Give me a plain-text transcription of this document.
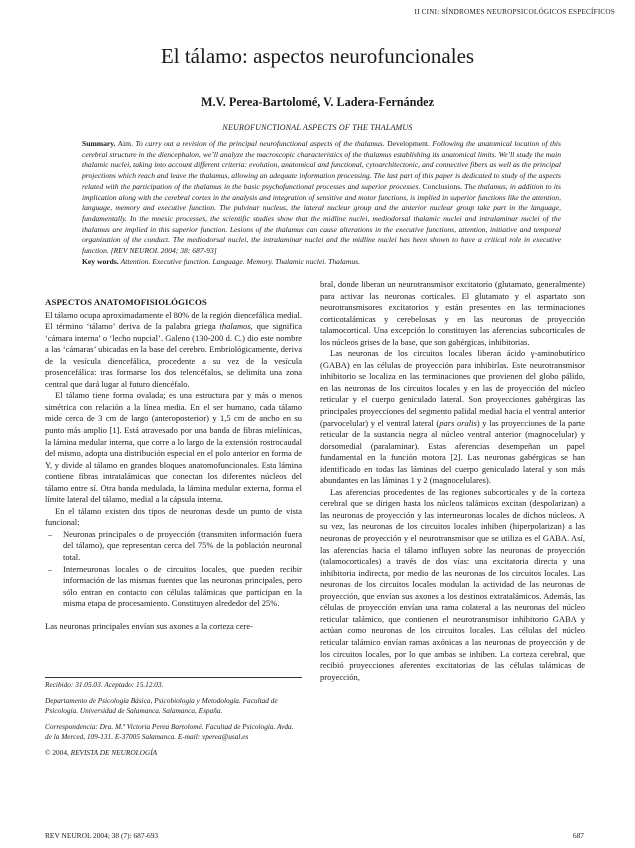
II CINI: SÍNDROMES NEUROPSICOLÓGICOS ESPECÍFICOS
El tálamo: aspectos neurofuncionales
M.V. Perea-Bartolomé, V. Ladera-Fernández
NEUROFUNCTIONAL ASPECTS OF THE THALAMUS
Summary. Aim. To carry out a revision of the principal neurofunctional aspects of the thalamus. Development. Following the anatomical location of this cerebral structure in the diencephalon, we’ll analyze the macroscopic characteristics of the thalamus establishing its anatomical limits. We’ll study the main thalamic nuclei, taking into account different criteria: evolution, anatomical and functional, cytoarchitectonic, and connective fibers as well as the principal projections which reach and leave the thalamus, allowing an adequate information processing. The last part of this paper is dedicated to study of the aspects related with the participation of the thalamus in the basic psychofunctional processes and superior processes. Conclusions. The thalamus, in addition to its implication along with the cerebral cortex in the analysis and integration of sensitive and motor functions, is implied in superior functions like the attention, language, memory and executive function. The pulvinar nucleus, the lateral nuclear group and the anterior nuclear group take part in the language, fundamentally. In the mnesic processes, the scientific studies show that the midline nuclei, mediodorsal thalamic nuclei and intralaminar nuclei of the thalamus are implied in this superior function. Lesions of the thalamus can cause alterations in the executive functions, attention, initiative and temporal organization of the conduct. The mediodorsal nuclei, the intralaminar nuclei and the midline nuclei has been shown to have a critical role in executive function. [REV NEUROL 2004; 38: 687-93]
Key words. Attention. Executive function. Language. Memory. Thalamic nuclei. Thalamus.
ASPECTOS ANATOMOFISIOLÓGICOS

El tálamo ocupa aproximadamente el 80% de la región diencefálica medial. El término ‘tálamo’ deriva de la palabra griega thalamos, que significa ‘cámara interna’ o ‘lecho nupcial’. Galeno (130-200 d. C.) dio este nombre a las ‘cámaras’ ubicadas en la base del cerebro. Embriológicamente, deriva de la vesícula diencefálica, procedente a su vez de la vesícula prosencefálica: tras formarse los dos telencéfalos, se delimita una zona central que dará lugar al futuro diencéfalo.

El tálamo tiene forma ovalada; es una estructura par y más o menos simétrica con relación a la línea media. En el ser humano, cada tálamo mide cerca de 3 cm de largo (anteroposterior) y 1,5 cm de ancho en su punto más amplio [1]. Está atravesado por una banda de fibras mielínicas, la lámina medular interna, que corre a lo largo de la extensión rostrocaudal del mismo, adopta una distribución especial en el polo anterior en forma de Y, y divide al tálamo en grandes bloques anatomofuncionales. Esta lámina contiene fibras intratalámicas que conectan los diferentes núcleos del tálamo entre sí. Otra banda medulada, la lámina medular externa, forma el límite lateral del tálamo, medial a la cápsula interna.

En el tálamo existen dos tipos de neuronas desde un punto de vista funcional:

– Neuronas principales o de proyección (transmiten información fuera del tálamo), que representan cerca del 75% de la población neuronal total.
– Interneuronas locales o de circuitos locales, que pueden recibir información de las mismas fuentes que las neuronas principales, pero sólo entran en contacto con células talámicas que participan en la misma etapa de procesamiento. Constituyen alrededor del 25%.

Las neuronas principales envían sus axones a la corteza cere-

Recibido: 31.05.03. Aceptado: 15.12.03.

Departamento de Psicología Básica, Psicobiología y Metodología. Facultad de Psicología. Universidad de Salamanca. Salamanca, España.

Correspondencia: Dra. M.ª Victoria Perea Bartolomé. Facultad de Psicología. Avda. de la Merced, 109-131. E-37005 Salamanca. E-mail: vperea@usal.es

© 2004, REVISTA DE NEUROLOGÍA

bral, donde liberan un neurotransmisor excitatorio (glutamato, generalmente) para activar las neuronas corticales. El glutamato y el aspartato son neurotransmisores excitatorios y están presentes en las terminaciones corticotalámicas y cerebelosas y en las neuronas de proyección talamocortical. Una excepción lo constituyen las aferencias subcorticales de los núcleos grises de la base, que son gabérgicas, inhibitorias.

Las neuronas de los circuitos locales liberan ácido γ-aminobutírico (GABA) en las células de proyección para inhibirlas. Este neurotransmisor inhibitorio se localiza en las terminaciones que provienen del globo pálido, en las neuronas de los circuitos locales y en las de proyección del núcleo reticular y el cuerpo geniculado lateral. Son proyecciones gabérgicas las principales proyecciones del segmento palidal medial hacia el ventral anterior (parvocelular) y el ventral lateral (pars oralis) y las proyecciones de la parte reticular de la sustancia negra al núcleo ventral anterior (magnocelular) y dorsomedial (paralaminar). Estas aferencias desempeñan un papel fundamental en la función motora [2]. Las neuronas gabérgicas se han identificado en todas las láminas del cuerpo geniculado lateral y son más abundantes en las láminas 1 y 2 (magnocelulares).

Las aferencias procedentes de las regiones subcorticales y de la corteza cerebral que se dirigen hasta los núcleos talámicos excitan (despolarizan) a las neuronas de proyección y las interneuronas locales de dichos núcleos. A su vez, las neuronas de los circuitos locales inhiben (hiperpolarizan) a las neuronas de proyección y el neurotransmisor que se utiliza es el GABA. Así, las aferencias hacia el tálamo influyen sobre las neuronas de proyección (talamocorticales) a través de dos vías: una excitatoria directa y una inhibitoria indirecta, por medio de las neuronas de los circuitos locales. Las neuronas de los circuitos locales modulan la actividad de las neuronas de proyección, que envían sus axones a los destinos extratalámicos. Además, las células de proyección envían una rama colateral a las neuronas del núcleo reticular talámico, que contienen el neurotransmisor inhibitorio GABA y actúan como neuronas de los circuitos locales. Las células del núcleo reticular talámico envían ramas axónicas a las neuronas de proyección y de los circuitos locales, por lo que ambas se inhiben. La corteza cerebral, que recibió proyecciones aferentes excitatorias de las células talámicas de proyección,

REV NEUROL 2004; 38 (7): 687-693	687
